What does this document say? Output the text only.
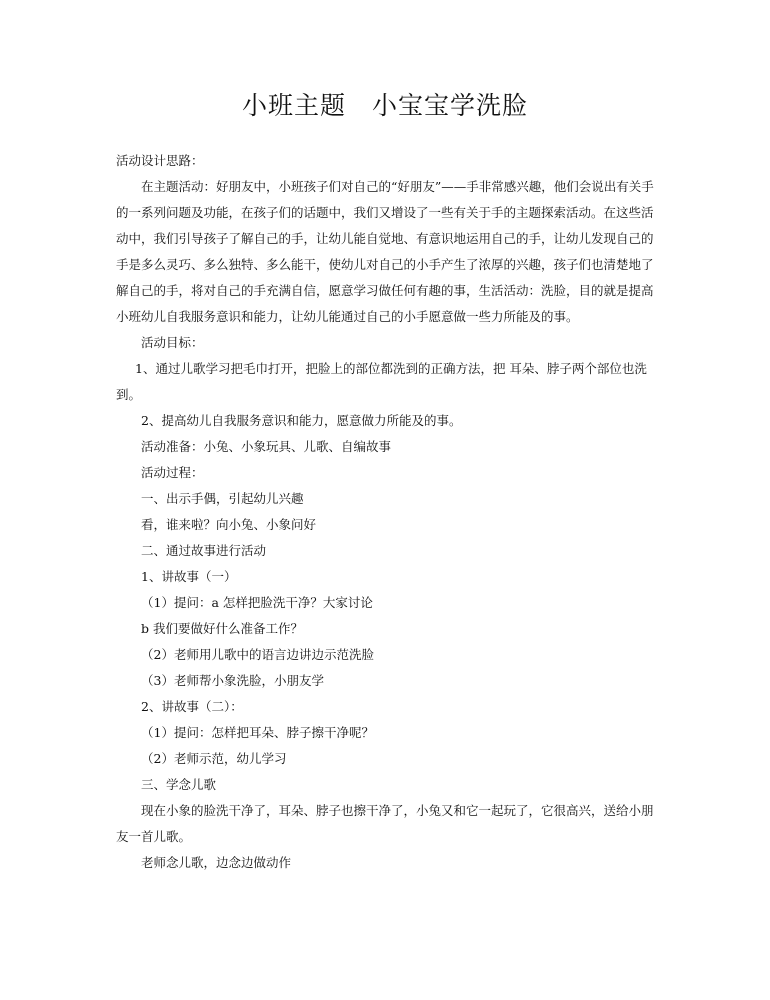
小班主题　小宝宝学洗脸

活动设计思路：

在主题活动：好朋友中，小班孩子们对自己的“好朋友”——手非常感兴趣，他们会说出有关手的一系列问题及功能，在孩子们的话题中，我们又增设了一些有关于手的主题探索活动。在这些活动中，我们引导孩子了解自己的手，让幼儿能自觉地、有意识地运用自己的手，让幼儿发现自己的手是多么灵巧、多么独特、多么能干，使幼儿对自己的小手产生了浓厚的兴趣，孩子们也清楚地了解自己的手，将对自己的手充满自信，愿意学习做任何有趣的事，生活活动：洗脸，目的就是提高小班幼儿自我服务意识和能力，让幼儿能通过自己的小手愿意做一些力所能及的事。

活动目标：

1、通过儿歌学习把毛巾打开，把脸上的部位都洗到的正确方法，把 耳朵、脖子两个部位也洗到。

2、提高幼儿自我服务意识和能力，愿意做力所能及的事。

活动准备：小兔、小象玩具、儿歌、自编故事

活动过程：

一、出示手偶，引起幼儿兴趣

看，谁来啦？向小兔、小象问好

二、通过故事进行活动

1、讲故事（一）

（1）提问：a 怎样把脸洗干净？大家讨论

b 我们要做好什么准备工作？

（2）老师用儿歌中的语言边讲边示范洗脸

（3）老师帮小象洗脸，小朋友学

2、讲故事（二）：

（1）提问：怎样把耳朵、脖子擦干净呢？

（2）老师示范，幼儿学习

三、学念儿歌

现在小象的脸洗干净了，耳朵、脖子也擦干净了，小兔又和它一起玩了，它很高兴，送给小朋友一首儿歌。

老师念儿歌，边念边做动作
